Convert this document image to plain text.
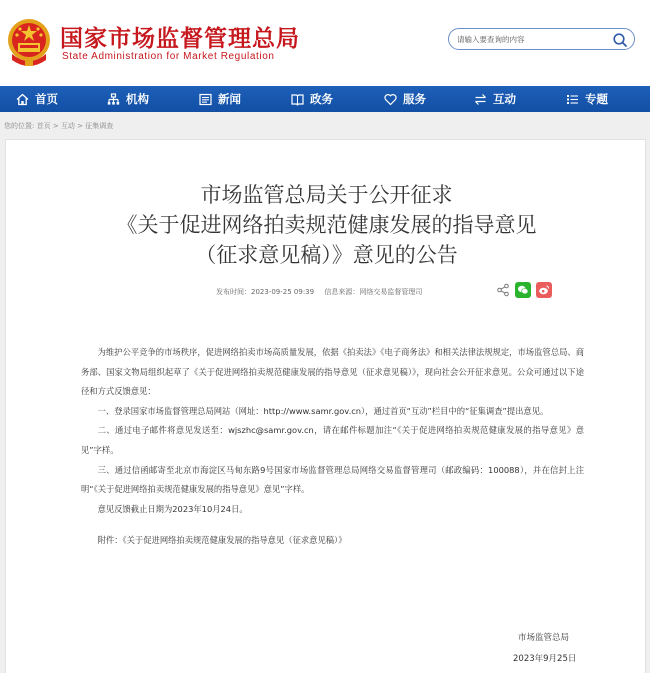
国家市场监督管理总局
State Administration for Market Regulation
请输入要查询的内容
首页	机构	新闻	政务	服务	互动	专题
您的位置: 首页 > 互动 > 征集调查
市场监管总局关于公开征求
《关于促进网络拍卖规范健康发展的指导意见
（征求意见稿）》意见的公告
发布时间：2023-09-25 09:39 信息来源：网络交易监督管理司

为维护公平竞争的市场秩序，促进网络拍卖市场高质量发展，依据《拍卖法》《电子商务法》和相关法律法规规定，市场监管总局、商务部、国家文物局组织起草了《关于促进网络拍卖规范健康发展的指导意见（征求意见稿）》，现向社会公开征求意见。公众可通过以下途径和方式反馈意见：

一、登录国家市场监督管理总局网站（网址：http://www.samr.gov.cn），通过首页“互动”栏目中的“征集调查”提出意见。

二、通过电子邮件将意见发送至：wjszhc@samr.gov.cn，请在邮件标题加注“《关于促进网络拍卖规范健康发展的指导意见》意见”字样。

三、通过信函邮寄至北京市海淀区马甸东路9号国家市场监督管理总局网络交易监督管理司（邮政编码：100088），并在信封上注明“《关于促进网络拍卖规范健康发展的指导意见》意见”字样。

意见反馈截止日期为2023年10月24日。

附件：《关于促进网络拍卖规范健康发展的指导意见（征求意见稿）》

市场监管总局
2023年9月25日
